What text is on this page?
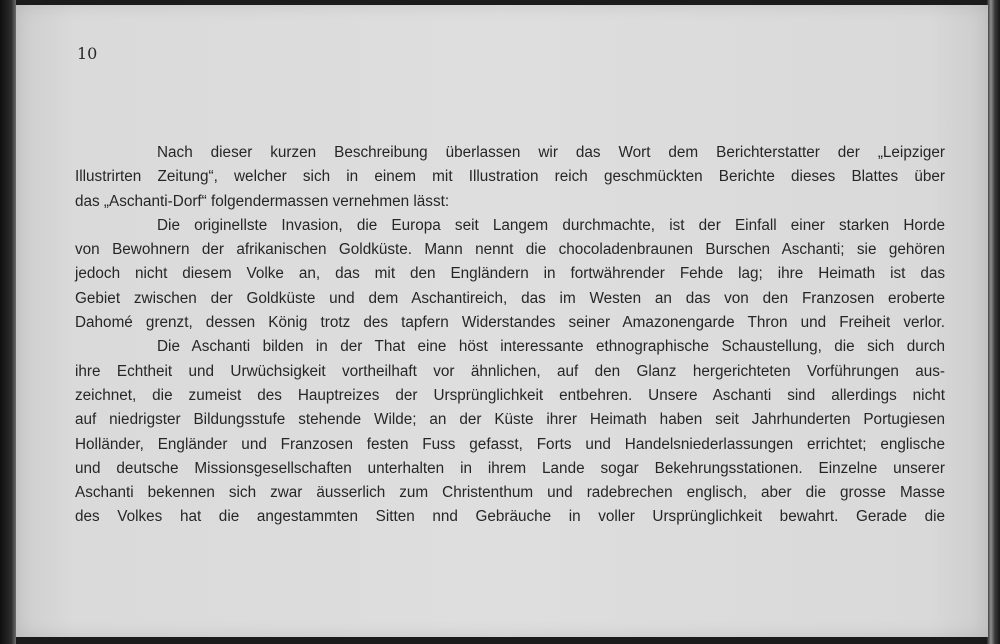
10

Nach dieser kurzen Beschreibung überlassen wir das Wort dem Berichterstatter der „Leipziger
Illustrirten Zeitung“, welcher sich in einem mit Illustration reich geschmückten Berichte dieses Blattes über
das „Aschanti-Dorf“ folgendermassen vernehmen lässt:
Die originellste Invasion, die Europa seit Langem durchmachte, ist der Einfall einer starken Horde
von Bewohnern der afrikanischen Goldküste. Mann nennt die chocoladenbraunen Burschen Aschanti; sie gehören
jedoch nicht diesem Volke an, das mit den Engländern in fortwährender Fehde lag; ihre Heimath ist das
Gebiet zwischen der Goldküste und dem Aschantireich, das im Westen an das von den Franzosen eroberte
Dahomé grenzt, dessen König trotz des tapfern Widerstandes seiner Amazonengarde Thron und Freiheit verlor.
Die Aschanti bilden in der That eine höst interessante ethnographische Schaustellung, die sich durch
ihre Echtheit und Urwüchsigkeit vortheilhaft vor ähnlichen, auf den Glanz hergerichteten Vorführungen aus-
zeichnet, die zumeist des Hauptreizes der Ursprünglichkeit entbehren. Unsere Aschanti sind allerdings nicht
auf niedrigster Bildungsstufe stehende Wilde; an der Küste ihrer Heimath haben seit Jahrhunderten Portugiesen
Holländer, Engländer und Franzosen festen Fuss gefasst, Forts und Handelsniederlassungen errichtet; englische
und deutsche Missionsgesellschaften unterhalten in ihrem Lande sogar Bekehrungsstationen. Einzelne unserer
Aschanti bekennen sich zwar äusserlich zum Christenthum und radebrechen englisch, aber die grosse Masse
des Volkes hat die angestammten Sitten nnd Gebräuche in voller Ursprünglichkeit bewahrt. Gerade die
